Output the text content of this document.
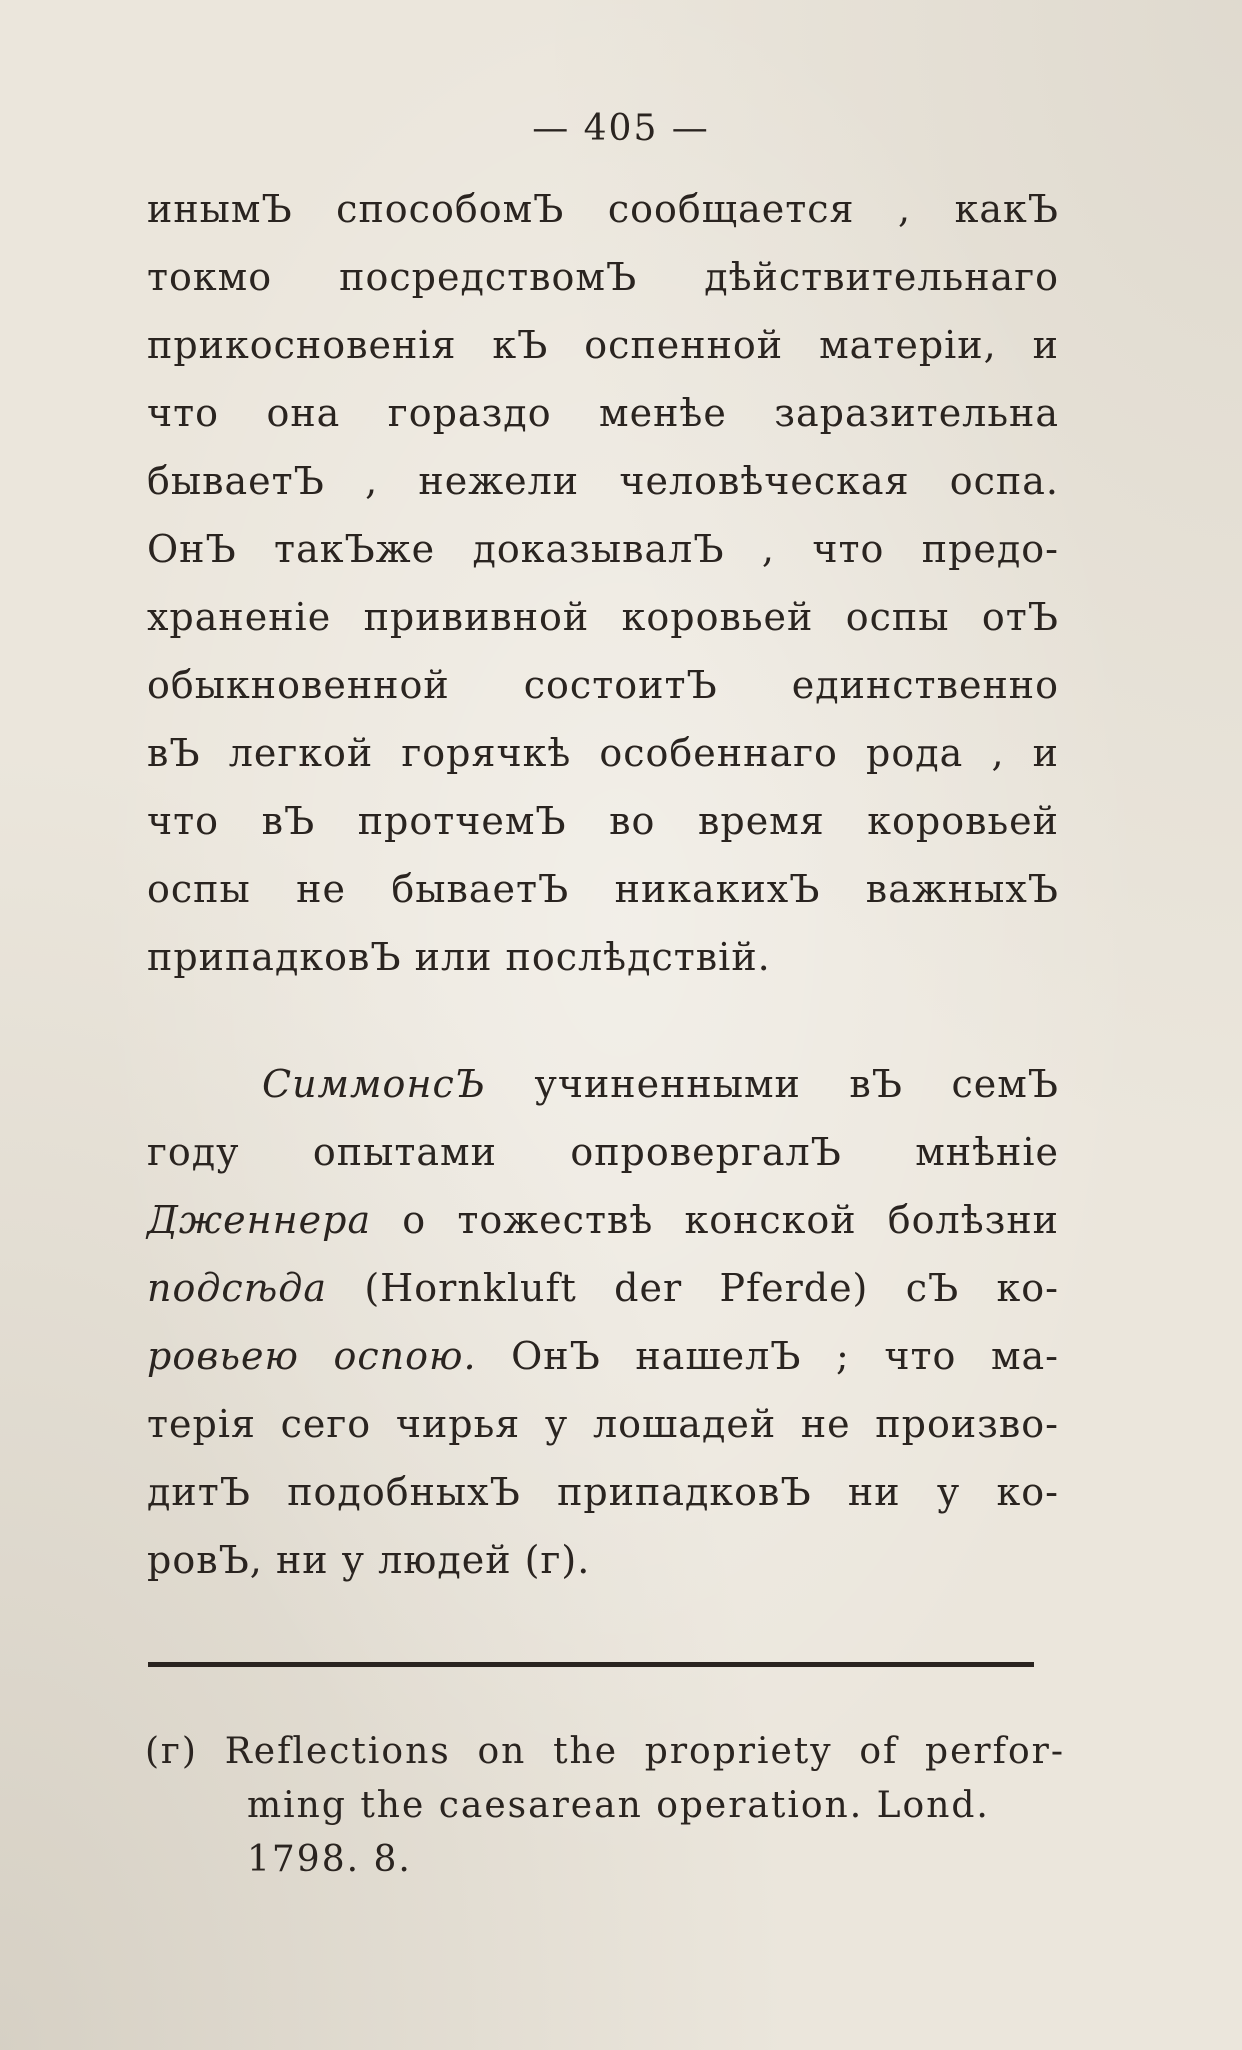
— 405 —
инымЪ способомЪ сообщается , какЪ
токмо посредствомЪ дѣйствительнаго
прикосновенія кЪ оспенной матеріи, и
что она гораздо менѣе заразительна
бываетЪ , нежели человѣческая оспа.
ОнЪ такЪже доказывалЪ , что предо-
храненіе прививной коровьей оспы отЪ
обыкновенной состоитЪ единственно
вЪ легкой горячкѣ особеннаго рода , и
что вЪ протчемЪ во время коровьей
оспы не бываетЪ никакихЪ важныхЪ
припадковЪ или послѣдствій.
СиммонсЪ учиненными вЪ семЪ
году опытами опровергалЪ мнѣніе
Дженнера о тожествѣ конской болѣзни
подсѣда (Hornkluft der Pferde) сЪ ко-
ровьею оспою. ОнЪ нашелЪ ; что ма-
терія сего чирья у лошадей не произво-
дитЪ подобныхЪ припадковЪ ни у ко-
ровЪ, ни у людей (г).
(г) Reflections on the propriety of perfor-
ming the caesarean operation. Lond.
1798. 8.
